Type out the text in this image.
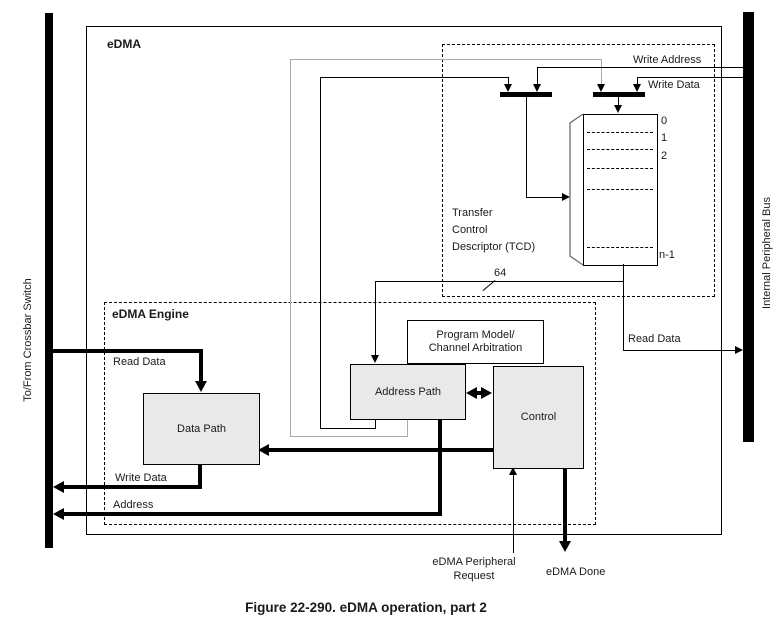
To/From Crossbar Switch
Internal Peripheral Bus
eDMA
Transfer
Control
Descriptor (TCD)
eDMA Engine
Write Address
Write Data
0
1
2
n-1
64
Read Data
Read Data
Write Data
Address
eDMA Peripheral
Request	eDMA Done
Program Model/
Channel Arbitration
Data Path
Address Path
Control
Figure 22-290. eDMA operation, part 2
